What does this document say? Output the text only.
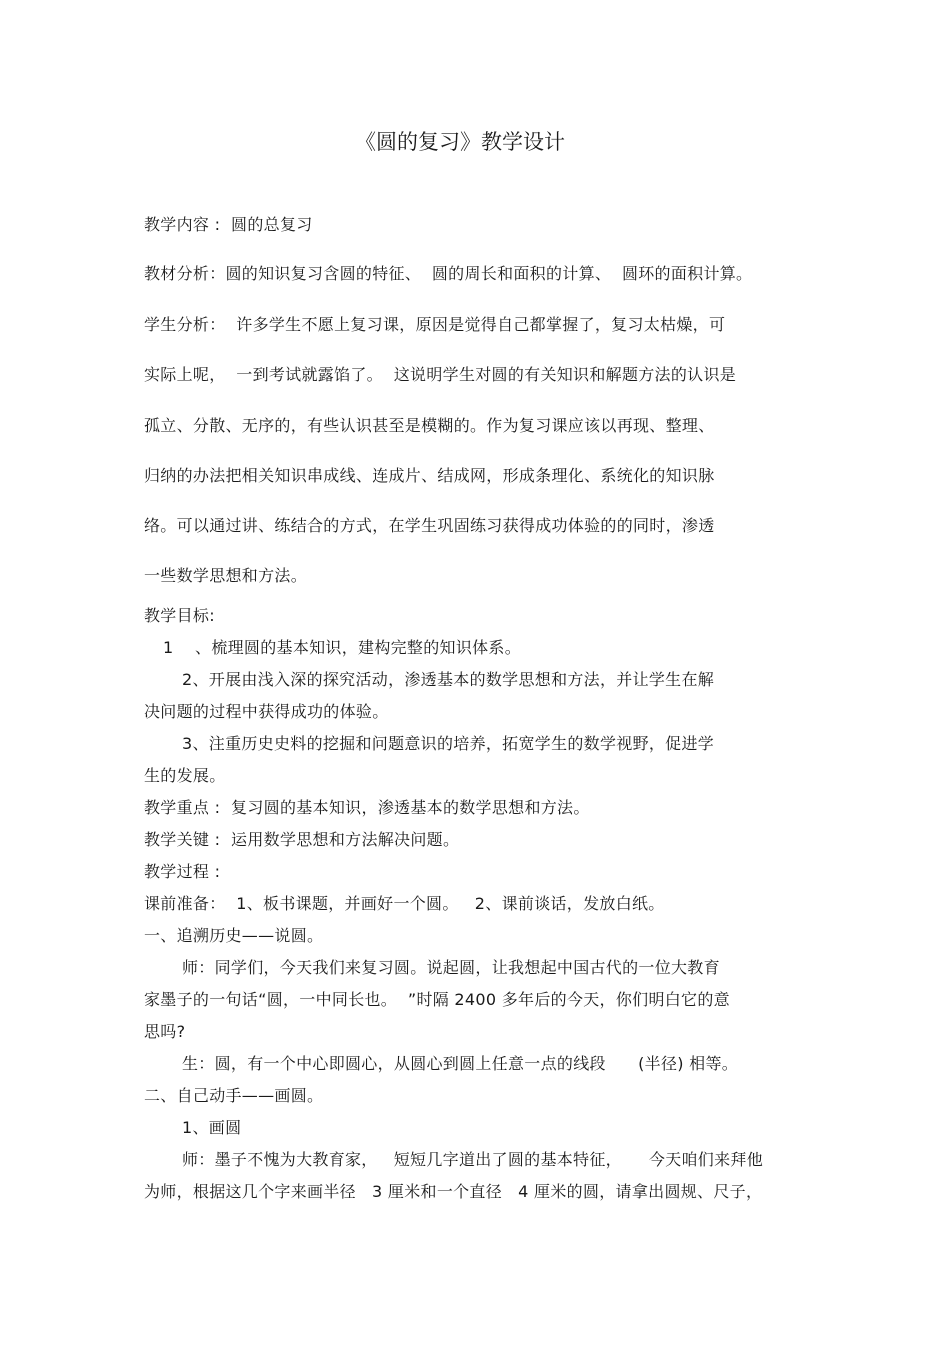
《圆的复习》教学设计
教学内容 :  圆的总复习
教材分析：圆的知识复习含圆的特征、  圆的周长和面积的计算、  圆环的面积计算。
学生分析：  许多学生不愿上复习课，原因是觉得自己都掌握了，复习太枯燥，可
实际上呢，  一到考试就露馅了。  这说明学生对圆的有关知识和解题方法的认识是
孤立、分散、无序的，有些认识甚至是模糊的。作为复习课应该以再现、整理、
归纳的办法把相关知识串成线、连成片、结成网，形成条理化、系统化的知识脉
络。可以通过讲、练结合的方式，在学生巩固练习获得成功体验的的同时，渗透
一些数学思想和方法。
教学目标:
1    、梳理圆的基本知识，建构完整的知识体系。
2、开展由浅入深的探究活动，渗透基本的数学思想和方法，并让学生在解
决问题的过程中获得成功的体验。
3、注重历史史料的挖掘和问题意识的培养，拓宽学生的数学视野，促进学
生的发展。
教学重点 :  复习圆的基本知识，渗透基本的数学思想和方法。
教学关键 :  运用数学思想和方法解决问题。
教学过程 :
课前准备：  1、板书课题，并画好一个圆。   2、课前谈话，发放白纸。
一、追溯历史——说圆。
师：同学们，今天我们来复习圆。说起圆，让我想起中国古代的一位大教育
家墨子的一句话“圆，一中同长也。  ”时隔 2400 多年后的今天，你们明白它的意
思吗?
生：圆，有一个中心即圆心，从圆心到圆上任意一点的线段      (半径) 相等。
二、自己动手——画圆。
1、画圆
师：墨子不愧为大教育家，   短短几字道出了圆的基本特征，     今天咱们来拜他
为师，根据这几个字来画半径   3 厘米和一个直径   4 厘米的圆，请拿出圆规、尺子，
